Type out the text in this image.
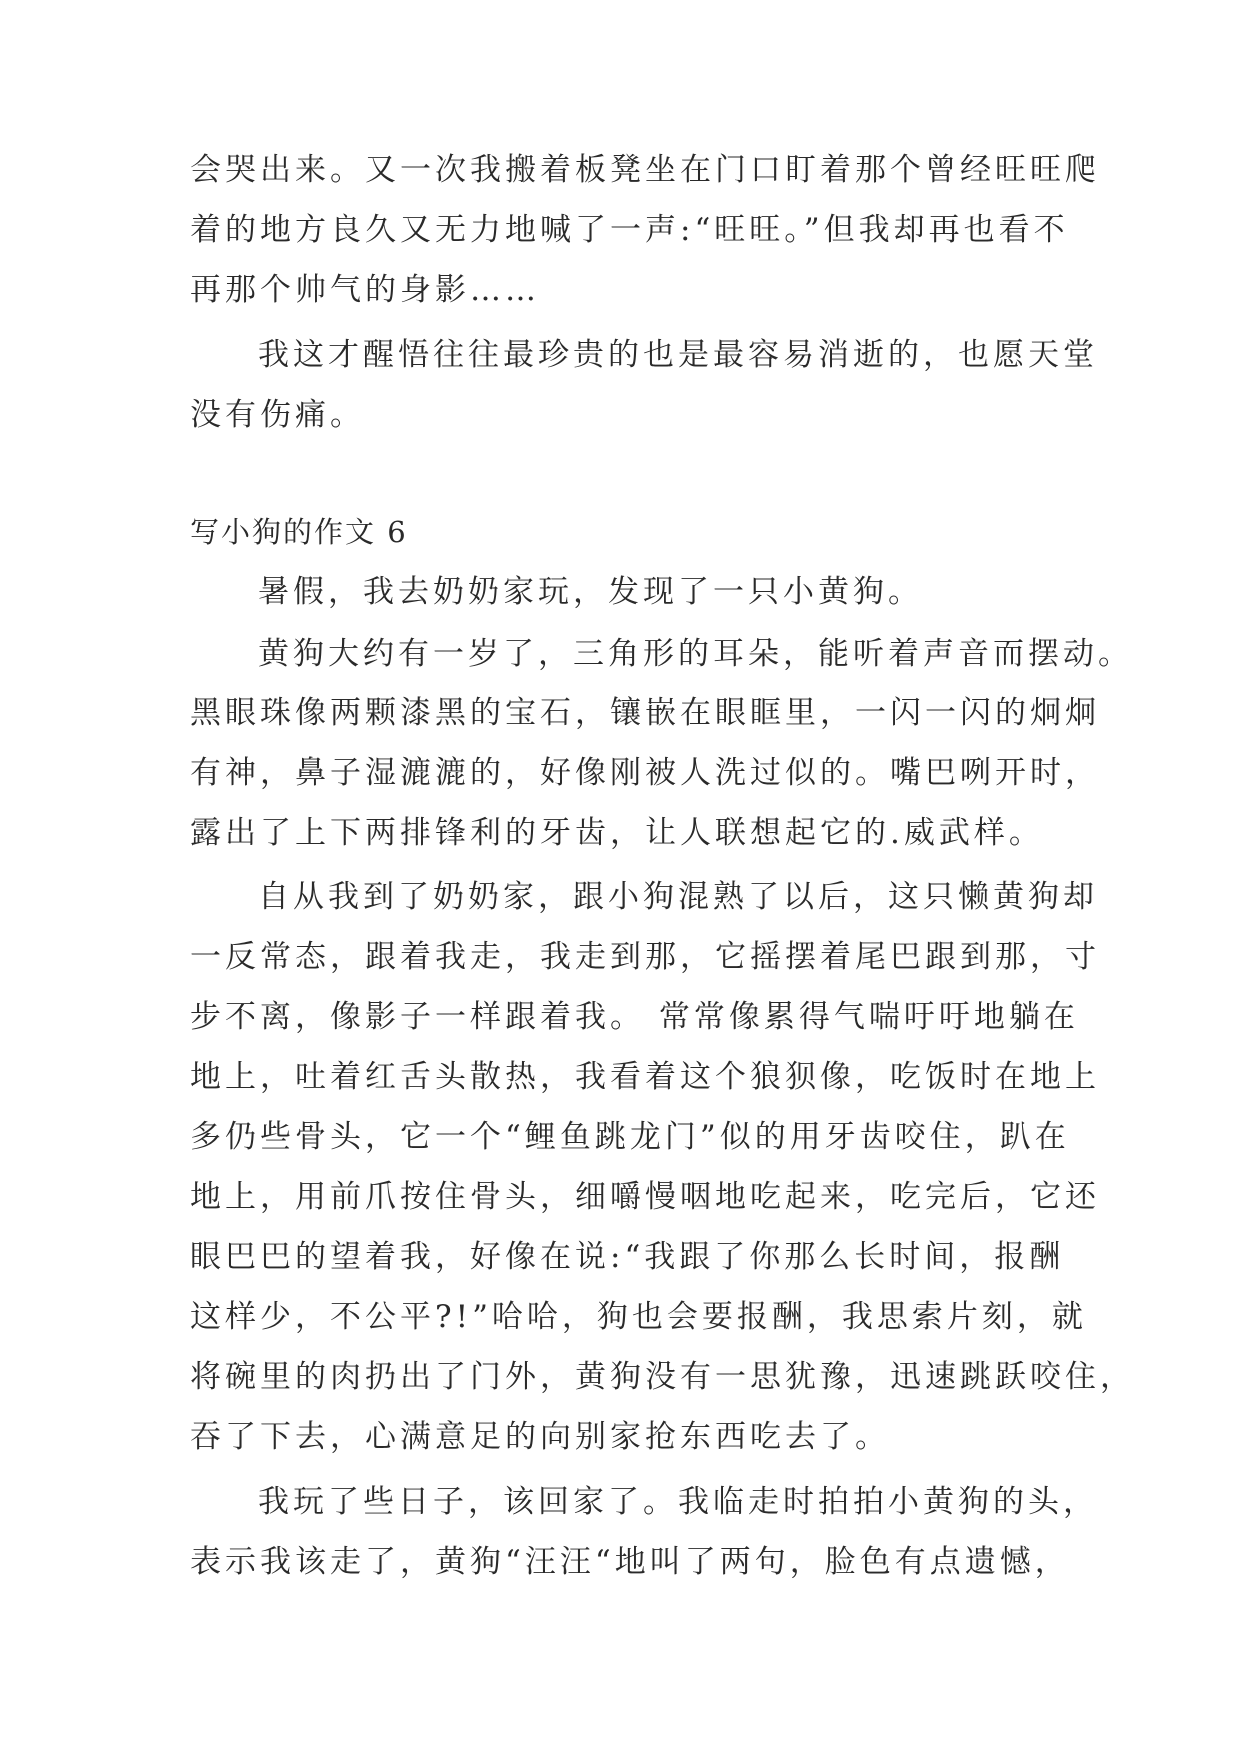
会哭出来。又一次我搬着板凳坐在门口盯着那个曾经旺旺爬
着的地方良久又无力地喊了一声:“旺旺。”但我却再也看不
再那个帅气的身影……
我这才醒悟往往最珍贵的也是最容易消逝的，也愿天堂
没有伤痛。
写小狗的作文 6
暑假，我去奶奶家玩，发现了一只小黄狗。
黄狗大约有一岁了，三角形的耳朵，能听着声音而摆动。
黑眼珠像两颗漆黑的宝石，镶嵌在眼眶里，一闪一闪的炯炯
有神，鼻子湿漉漉的，好像刚被人洗过似的。嘴巴咧开时，
露出了上下两排锋利的牙齿，让人联想起它的.威武样。
自从我到了奶奶家，跟小狗混熟了以后，这只懒黄狗却
一反常态，跟着我走，我走到那，它摇摆着尾巴跟到那，寸
步不离，像影子一样跟着我。 常常像累得气喘吁吁地躺在
地上，吐着红舌头散热，我看着这个狼狈像，吃饭时在地上
多仍些骨头，它一个“鲤鱼跳龙门”似的用牙齿咬住，趴在
地上，用前爪按住骨头，细嚼慢咽地吃起来，吃完后，它还
眼巴巴的望着我，好像在说:“我跟了你那么长时间，报酬
这样少，不公平?!”哈哈，狗也会要报酬，我思索片刻，就
将碗里的肉扔出了门外，黄狗没有一思犹豫，迅速跳跃咬住，
吞了下去，心满意足的向别家抢东西吃去了。
我玩了些日子，该回家了。我临走时拍拍小黄狗的头，
表示我该走了，黄狗“汪汪“地叫了两句，脸色有点遗憾，
